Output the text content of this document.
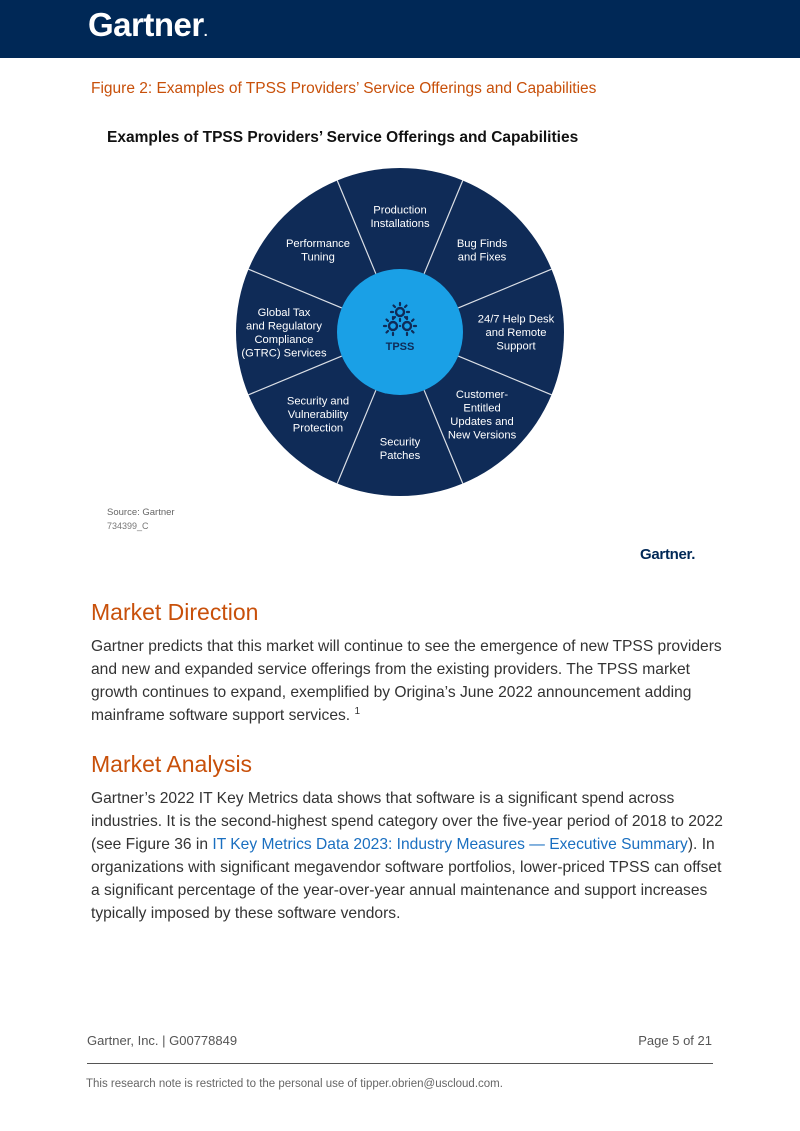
Gartner.
Figure 2: Examples of TPSS Providers’ Service Offerings and Capabilities
Examples of TPSS Providers’ Service Offerings and Capabilities
TPSS
Production Installations
Bug Finds and Fixes
24/7 Help Desk and Remote Support
Customer-Entitled Updates and New Versions
Security Patches
Security and Vulnerability Protection
Global Tax and Regulatory Compliance (GTRC) Services
Performance Tuning
Source: Gartner
734399_C
Gartner.
Market Direction

Gartner predicts that this market will continue to see the emergence of new TPSS providers and new and expanded service offerings from the existing providers. The TPSS market growth continues to expand, exemplified by Origina’s June 2022 announcement adding mainframe software support services. $^1$

Market Analysis

Gartner’s 2022 IT Key Metrics data shows that software is a significant spend across industries. It is the second-highest spend category over the five-year period of 2018 to 2022 (see Figure 36 in IT Key Metrics Data 2023: Industry Measures — Executive Summary). In organizations with significant megavendor software portfolios, lower-priced TPSS can offset a significant percentage of the year-over-year annual maintenance and support increases typically imposed by these software vendors.

Gartner, Inc. | G00778849	Page 5 of 21
This research note is restricted to the personal use of tipper.obrien@uscloud.com.
